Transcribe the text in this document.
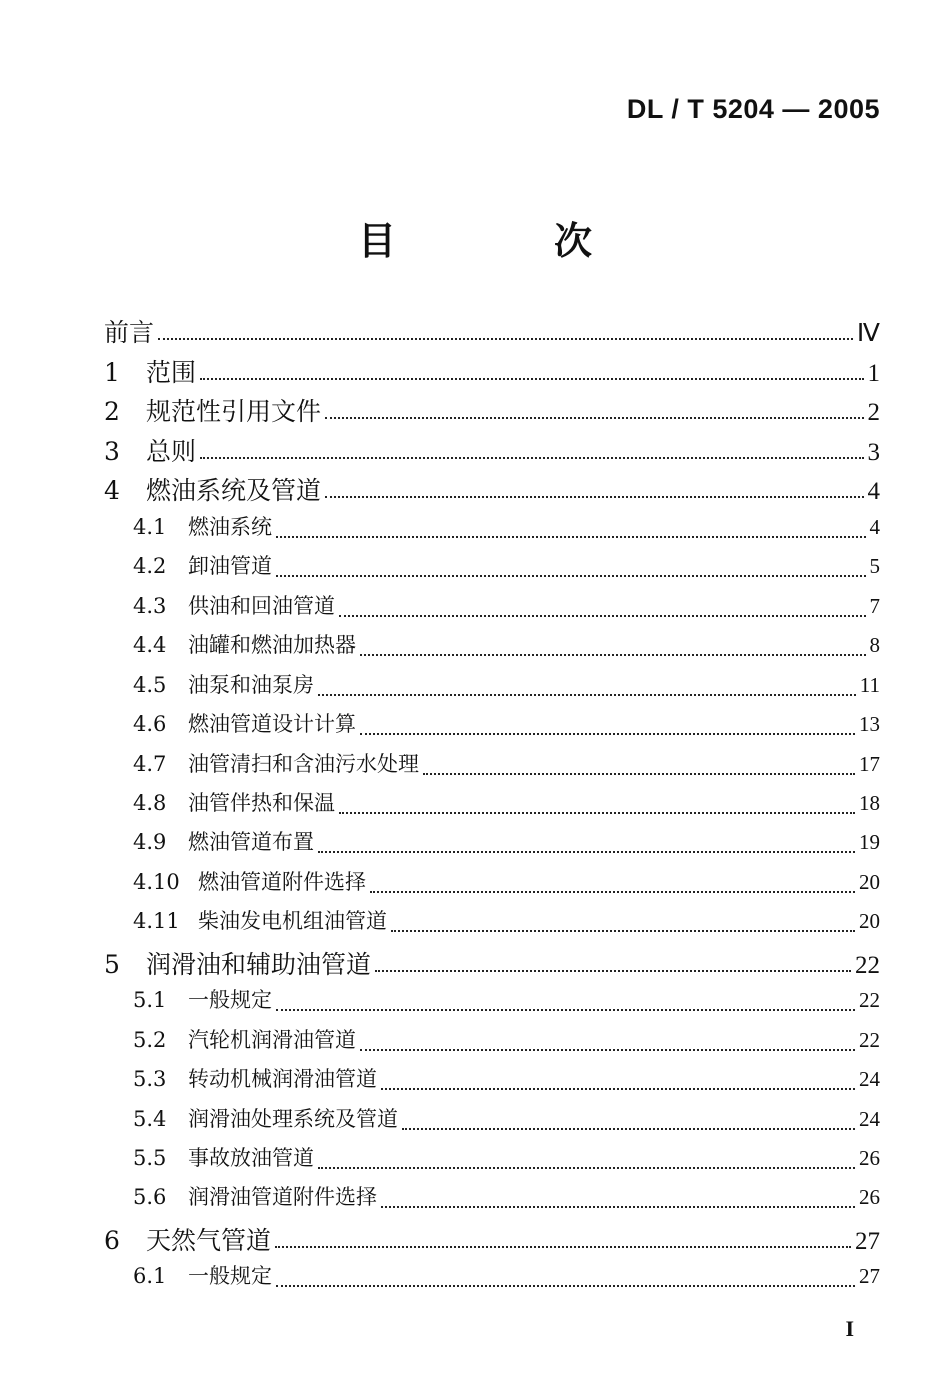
DL / T 5204 — 2005
目　次
前言	Ⅳ
1	范围	1
2	规范性引用文件	2
3	总则	3
4	燃油系统及管道	4
4.1	燃油系统	4
4.2	卸油管道	5
4.3	供油和回油管道	7
4.4	油罐和燃油加热器	8
4.5	油泵和油泵房	11
4.6	燃油管道设计计算	13
4.7	油管清扫和含油污水处理	17
4.8	油管伴热和保温	18
4.9	燃油管道布置	19
4.10 燃油管道附件选择	20
4.11 柴油发电机组油管道	20
5	润滑油和辅助油管道	22
5.1	一般规定	22
5.2	汽轮机润滑油管道	22
5.3	转动机械润滑油管道	24
5.4	润滑油处理系统及管道	24
5.5	事故放油管道	26
5.6	润滑油管道附件选择	26
6	天然气管道	27
6.1	一般规定	27
I
